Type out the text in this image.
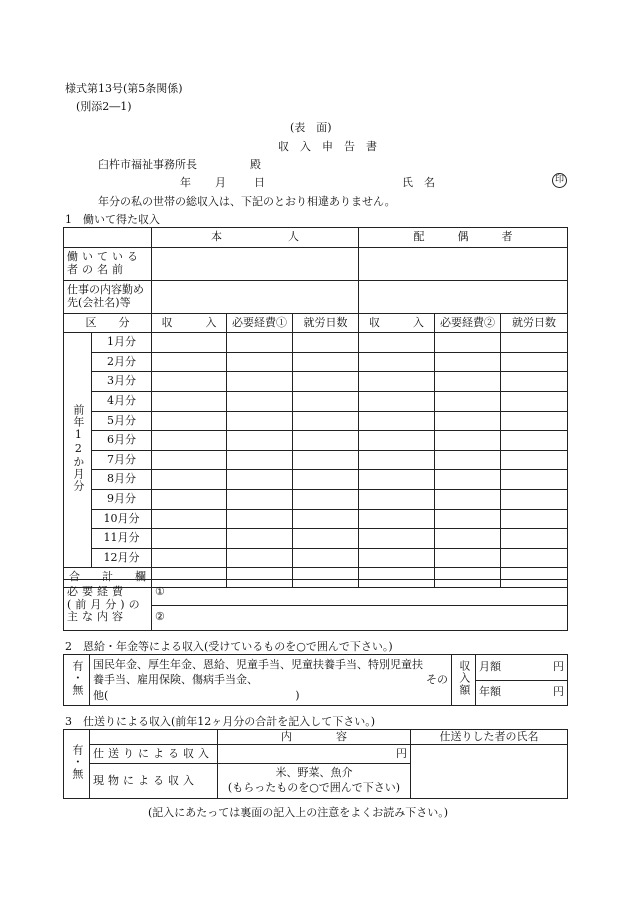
様式第13号(第5条関係)
(別添2―1)
(表　面)
収　入　申　告　書
臼杵市福祉事務所長	殿
年 月	日	氏　名	印
年分の私の世帯の総収入は、下記のとおり相違ありません。
1　働いて得た収入
		本　　　　　　人			配　　　偶　　　者		
働いている者の名前							
仕事の内容勤め先(会社名)等							
区　　分		収　　　入	必要経費①	就労日数	収　　　入	必要経費②	就労日数
前年12か月分	1月分						
	2月分						
	3月分						
	4月分						
	5月分						
	6月分						
	7月分						
	8月分						
	9月分						
	10月分						
	11月分						
	12月分						
合　　計　　欄							
必要経費(前月分)の主な内容	①
②
2　恩給・年金等による収入(受けているものを○で囲んで下さい。)
有・無	国民年金、厚生年金、恩給、児童手当、児童扶養手当、特別児童扶
養手当、雇用保険、傷病手当金、	その
他(　　　　　　　　　　　　　　　　　)	収入額	月額	円

年額	円
3　仕送りによる収入(前年12ヶ月分の合計を記入して下さい。)
有・無		内　　　　容	仕送りした者の氏名
	仕送りによる収入	円	
	現物による収入	米、野菜、魚介
(もらったものを○で囲んで下さい)	
(記入にあたっては裏面の記入上の注意をよくお読み下さい。)
